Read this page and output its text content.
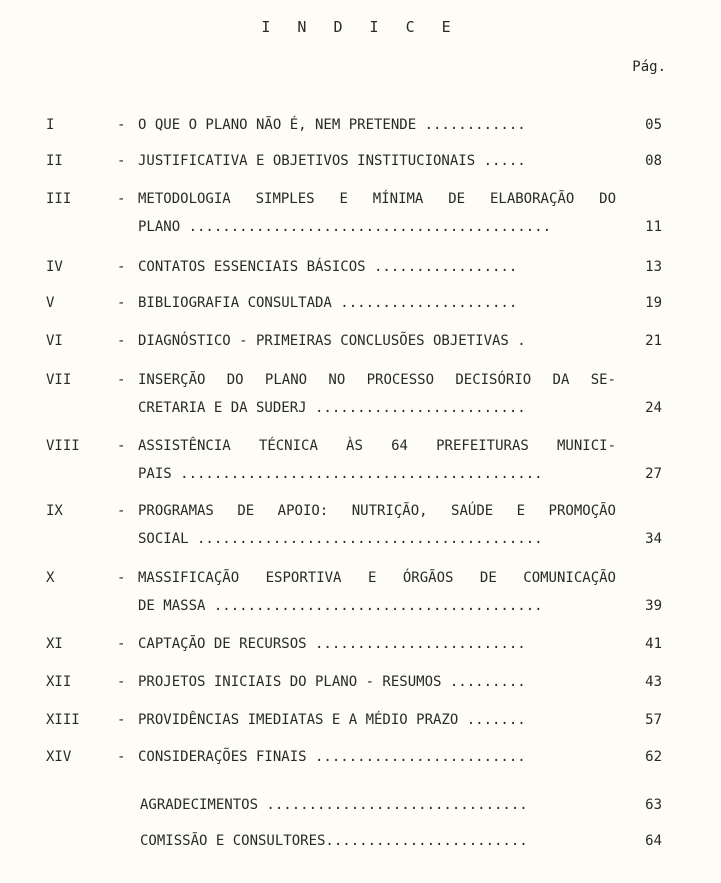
I N D I C E
Pág.
I	- O QUE O PLANO NÃO É, NEM PRETENDE ............	05
II	- JUSTIFICATIVA E OBJETIVOS INSTITUCIONAIS .....	08
III	- METODOLOGIA SIMPLES E MÍNIMA DE ELABORAÇÃO DO
PLANO ...........................................	11
IV	- CONTATOS ESSENCIAIS BÁSICOS .................	13
V	- BIBLIOGRAFIA CONSULTADA .....................	19
VI	- DIAGNÓSTICO - PRIMEIRAS CONCLUSÕES OBJETIVAS .	21
VII	- INSERÇÃO DO PLANO NO PROCESSO DECISÓRIO DA SE-
CRETARIA E DA SUDERJ .........................	24
VIII	- ASSISTÊNCIA TÉCNICA ÀS 64 PREFEITURAS MUNICI-
PAIS ...........................................	27
IX	- PROGRAMAS DE APOIO: NUTRIÇÃO, SAÚDE E PROMOÇÃO
SOCIAL .........................................	34
X	- MASSIFICAÇÃO ESPORTIVA E ÓRGÃOS DE COMUNICAÇÃO
DE MASSA .......................................	39
XI	- CAPTAÇÃO DE RECURSOS .........................	41
XII	- PROJETOS INICIAIS DO PLANO - RESUMOS .........	43
XIII	- PROVIDÊNCIAS IMEDIATAS E A MÉDIO PRAZO .......	57
XIV	- CONSIDERAÇÕES FINAIS .........................	62
AGRADECIMENTOS ...............................	63
COMISSÃO E CONSULTORES........................	64
